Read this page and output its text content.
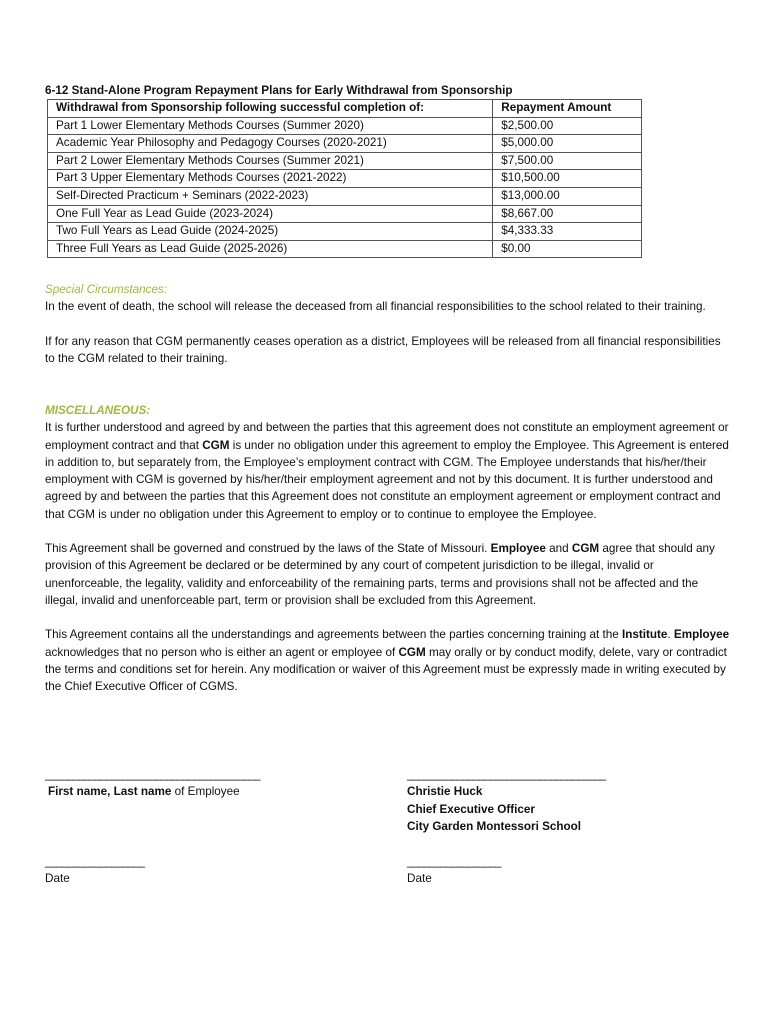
6-12 Stand-Alone Program Repayment Plans for Early Withdrawal from Sponsorship
Withdrawal from Sponsorship following successful completion of:	Repayment Amount
Part 1 Lower Elementary Methods Courses (Summer 2020)	$2,500.00
Academic Year Philosophy and Pedagogy Courses (2020-2021)	$5,000.00
Part 2 Lower Elementary Methods Courses (Summer 2021)	$7,500.00
Part 3 Upper Elementary Methods Courses (2021-2022)	$10,500.00
Self-Directed Practicum + Seminars (2022-2023)	$13,000.00
One Full Year as Lead Guide (2023-2024)	$8,667.00
Two Full Years as Lead Guide (2024-2025)	$4,333.33
Three Full Years as Lead Guide (2025-2026)	$0.00

Special Circumstances:

In the event of death, the school will release the deceased from all financial responsibilities to the school related to their training.

If for any reason that CGM permanently ceases operation as a district, Employees will be released from all financial responsibilities to the CGM related to their training.

MISCELLANEOUS:

It is further understood and agreed by and between the parties that this agreement does not constitute an employment agreement or employment contract and that CGM is under no obligation under this agreement to employ the Employee. This Agreement is entered in addition to, but separately from, the Employee’s employment contract with CGM. The Employee understands that his/her/their employment with CGM is governed by his/her/their employment agreement and not by this document. It is further understood and agreed by and between the parties that this Agreement does not constitute an employment agreement or employment contract and that CGM is under no obligation under this Agreement to employ or to continue to employee the Employee.

This Agreement shall be governed and construed by the laws of the State of Missouri. Employee and CGM agree that should any provision of this Agreement be declared or be determined by any court of competent jurisdiction to be illegal, invalid or unenforceable, the legality, validity and enforceability of the remaining parts, terms and provisions shall not be affected and the illegal, invalid and unenforceable part, term or provision shall be excluded from this Agreement.

This Agreement contains all the understandings and agreements between the parties concerning training at the Institute. Employee acknowledges that no person who is either an agent or employee of CGM may orally or by conduct modify, delete, vary or contradict the terms and conditions set for herein. Any modification or waiver of this Agreement must be expressly made in writing executed by the Chief Executive Officer of CGMS.

_______________________________________
First name, Last name of Employee
____________________________________
Christie Huck
Chief Executive Officer
City Garden Montessori School
__________________
Date
_________________
Date
